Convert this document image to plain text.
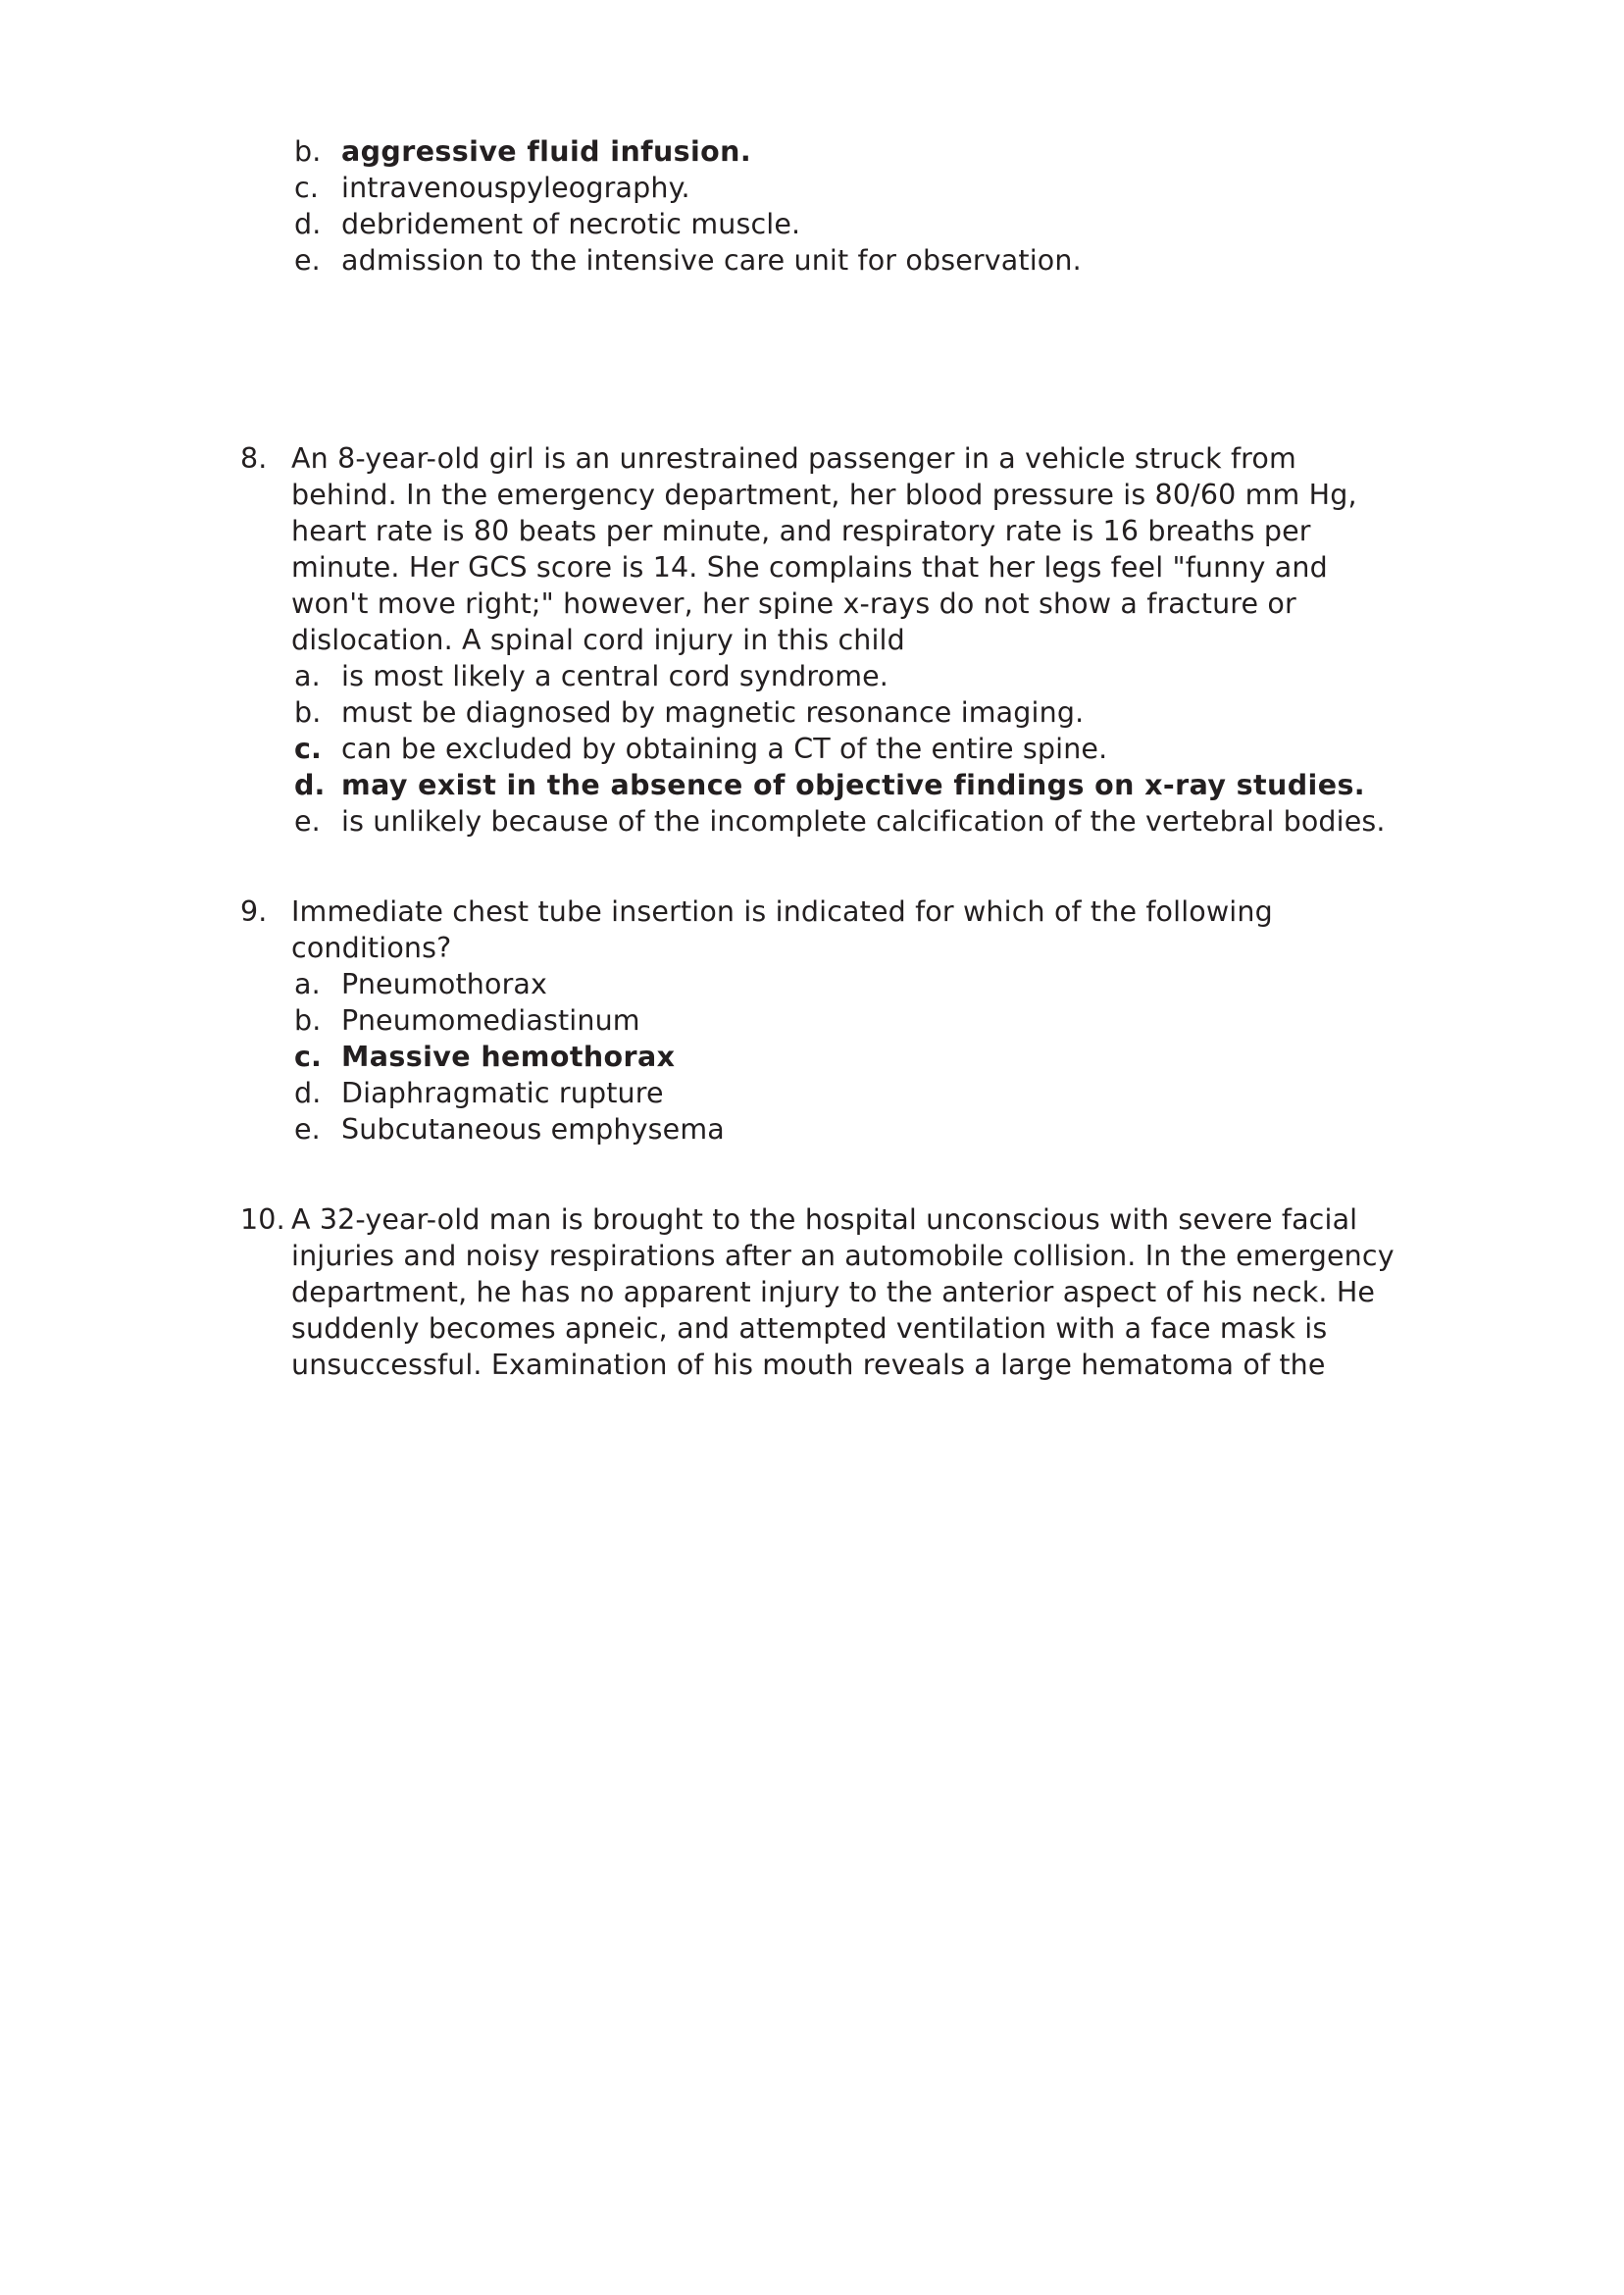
b. aggressive fluid infusion.
c. intravenouspyleography.
d. debridement of necrotic muscle.
e. admission to the intensive care unit for observation.
8. An 8-year-old girl is an unrestrained passenger in a vehicle struck from
behind. In the emergency department, her blood pressure is 80/60 mm Hg,
heart rate is 80 beats per minute, and respiratory rate is 16 breaths per
minute. Her GCS score is 14. She complains that her legs feel "funny and
won't move right;" however, her spine x-rays do not show a fracture or
dislocation. A spinal cord injury in this child
a. is most likely a central cord syndrome.
b. must be diagnosed by magnetic resonance imaging.
c. can be excluded by obtaining a CT of the entire spine.
d. may exist in the absence of objective findings on x-ray studies.
e. is unlikely because of the incomplete calcification of the vertebral bodies.
9. Immediate chest tube insertion is indicated for which of the following
conditions?
a. Pneumothorax
b. Pneumomediastinum
c. Massive hemothorax
d. Diaphragmatic rupture
e. Subcutaneous emphysema
10. A 32-year-old man is brought to the hospital unconscious with severe facial
injuries and noisy respirations after an automobile collision. In the emergency
department, he has no apparent injury to the anterior aspect of his neck. He
suddenly becomes apneic, and attempted ventilation with a face mask is
unsuccessful. Examination of his mouth reveals a large hematoma of the
